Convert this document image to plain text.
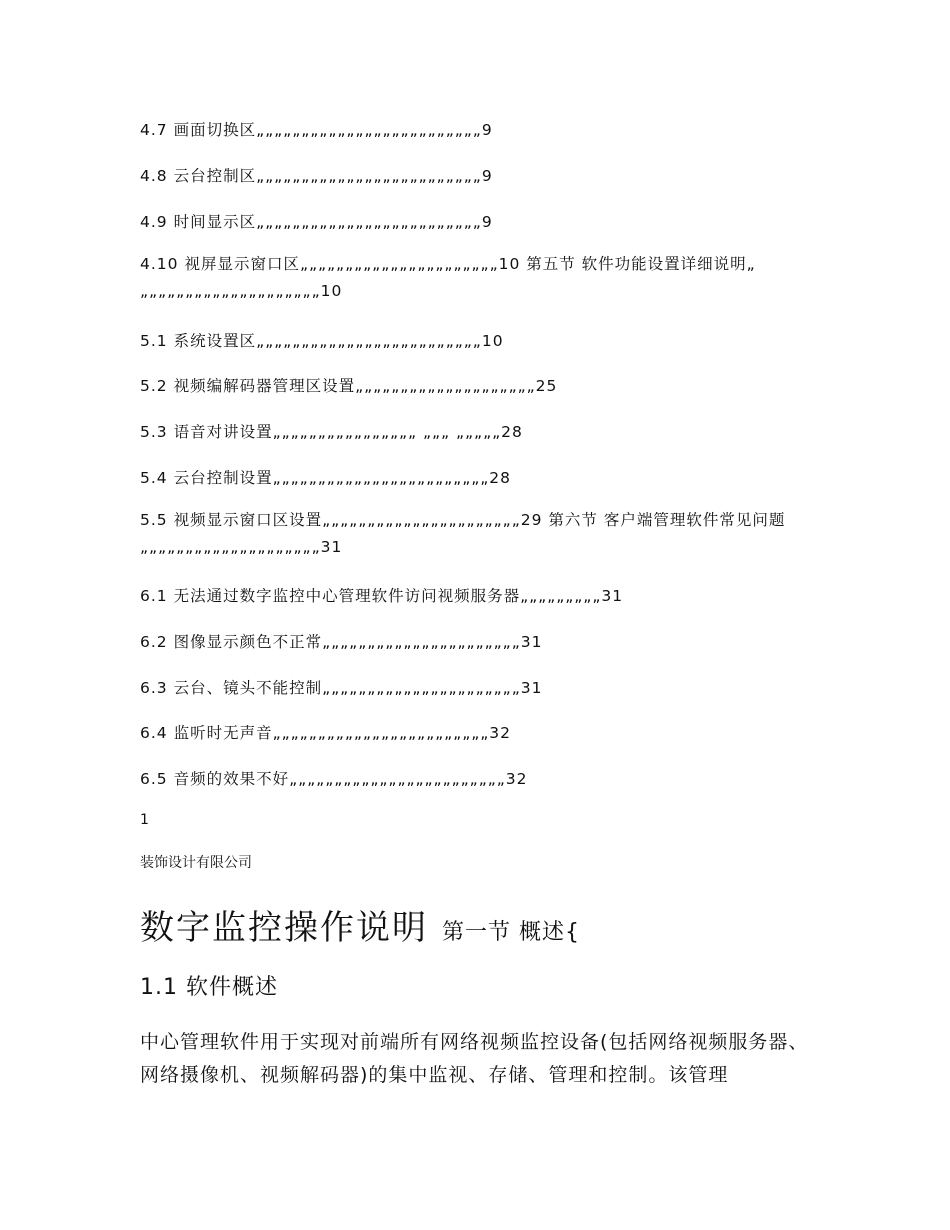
4.7 画面切换区„„„„„„„„„„„„„„„„„„„„„„„„„9
4.8 云台控制区„„„„„„„„„„„„„„„„„„„„„„„„„9
4.9 时间显示区„„„„„„„„„„„„„„„„„„„„„„„„„9
4.10 视屏显示窗口区„„„„„„„„„„„„„„„„„„„„„„10 第五节 软件功能设置详细说明„ „„„„„„„„„„„„„„„„„„„„10
5.1 系统设置区„„„„„„„„„„„„„„„„„„„„„„„„„10
5.2 视频编解码器管理区设置„„„„„„„„„„„„„„„„„„„„25
5.3 语音对讲设置„„„„„„„„„„„„„„„„ „„„ „„„„„28
5.4 云台控制设置„„„„„„„„„„„„„„„„„„„„„„„„28
5.5 视频显示窗口区设置„„„„„„„„„„„„„„„„„„„„„„29 第六节 客户端管理软件常见问题„„„„„„„„„„„„„„„„„„„„31
6.1 无法通过数字监控中心管理软件访问视频服务器„„„„„„„„„31
6.2 图像显示颜色不正常„„„„„„„„„„„„„„„„„„„„„„31
6.3 云台、镜头不能控制„„„„„„„„„„„„„„„„„„„„„„31
6.4 监听时无声音„„„„„„„„„„„„„„„„„„„„„„„„32
6.5 音频的效果不好„„„„„„„„„„„„„„„„„„„„„„„„32
1
装饰设计有限公司
数字监控操作说明 第一节 概述{
1.1 软件概述
中心管理软件用于实现对前端所有网络视频监控设备(包括网络视频服务器、网络摄像机、视频解码器)的集中监视、存储、管理和控制。该管理
